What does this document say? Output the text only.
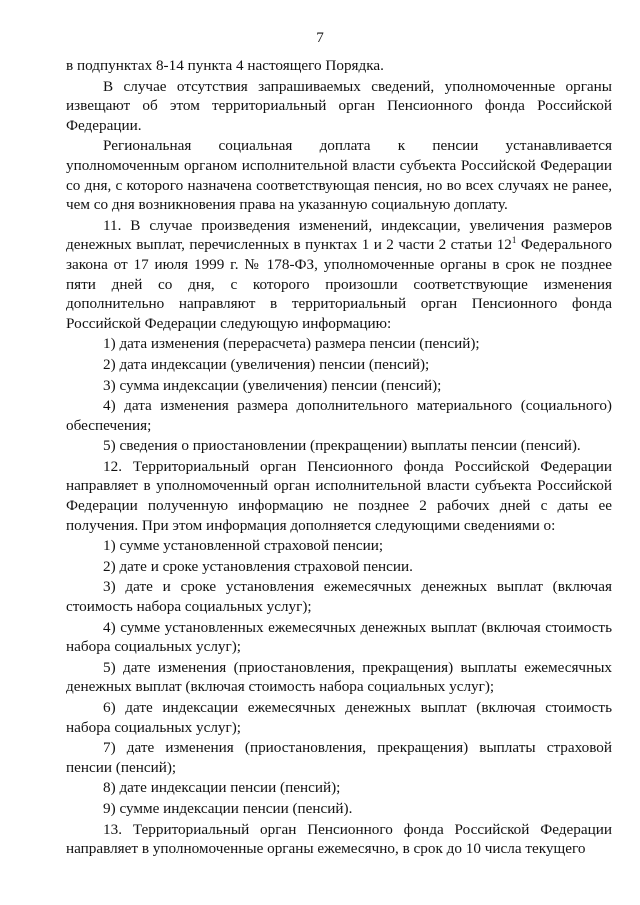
7

в подпунктах 8-14 пункта 4 настоящего Порядка.

В случае отсутствия запрашиваемых сведений, уполномоченные органы извещают об этом территориальный орган Пенсионного фонда Российской Федерации.

Региональная социальная доплата к пенсии устанавливается уполномоченным органом исполнительной власти субъекта Российской Федерации со дня, с которого назначена соответствующая пенсия, но во всех случаях не ранее, чем со дня возникновения права на указанную социальную доплату.

11. В случае произведения изменений, индексации, увеличения размеров денежных выплат, перечисленных в пунктах 1 и 2 части 2 статьи $12^1$ Федерального закона от 17 июля 1999 г. № 178-ФЗ, уполномоченные органы в срок не позднее пяти дней со дня, с которого произошли соответствующие изменения дополнительно направляют в территориальный орган Пенсионного фонда Российской Федерации следующую информацию:

1) дата изменения (перерасчета) размера пенсии (пенсий);

2) дата индексации (увеличения) пенсии (пенсий);

3) сумма индексации (увеличения) пенсии (пенсий);

4) дата изменения размера дополнительного материального (социального) обеспечения;

5) сведения о приостановлении (прекращении) выплаты пенсии (пенсий).

12. Территориальный орган Пенсионного фонда Российской Федерации направляет в уполномоченный орган исполнительной власти субъекта Российской Федерации полученную информацию не позднее 2 рабочих дней с даты ее получения. При этом информация дополняется следующими сведениями о:

1) сумме установленной страховой пенсии;

2) дате и сроке установления страховой пенсии.

3) дате и сроке установления ежемесячных денежных выплат (включая стоимость набора социальных услуг);

4) сумме установленных ежемесячных денежных выплат (включая стоимость набора социальных услуг);

5) дате изменения (приостановления, прекращения) выплаты ежемесячных денежных выплат (включая стоимость набора социальных услуг);

6) дате индексации ежемесячных денежных выплат (включая стоимость набора социальных услуг);

7) дате изменения (приостановления, прекращения) выплаты страховой пенсии (пенсий);

8) дате индексации пенсии (пенсий);

9) сумме индексации пенсии (пенсий).

13. Территориальный орган Пенсионного фонда Российской Федерации направляет в уполномоченные органы ежемесячно, в срок до 10 числа текущего
